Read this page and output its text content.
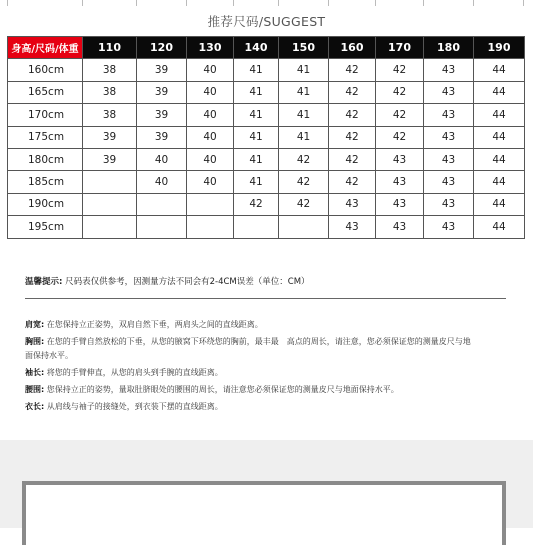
推荐尺码/SUGGEST
身高/尺码/体重	110	120	130	140	150	160	170	180	190
160cm	38	39	40	41	41	42	42	43	44
165cm	38	39	40	41	41	42	42	43	44
170cm	38	39	40	41	41	42	42	43	44
175cm	39	39	40	41	41	42	42	43	44
180cm	39	40	40	41	42	42	43	43	44
185cm		40	40	41	42	42	43	43	44
190cm				42	42	43	43	43	44
195cm						43	43	43	44
温馨提示: 尺码表仅供参考，因测量方法不同会有2-4CM误差（单位：CM）

肩宽: 在您保持立正姿势，双肩自然下垂，两肩头之间的直线距离。

胸围: 在您的手臂自然放松的下垂，从您的腋窝下环绕您的胸前，最丰最　高点的周长，请注意，您必须保证您的测量皮尺与地

面保持水平。

袖长: 将您的手臂伸直，从您的肩头到手腕的直线距离。

腰围: 您保持立正的姿势，量取肚脐眼处的腰围的周长，请注意您必须保证您的测量皮尺与地面保持水平。

衣长: 从肩线与袖子的接缝处，到衣装下摆的直线距离。
